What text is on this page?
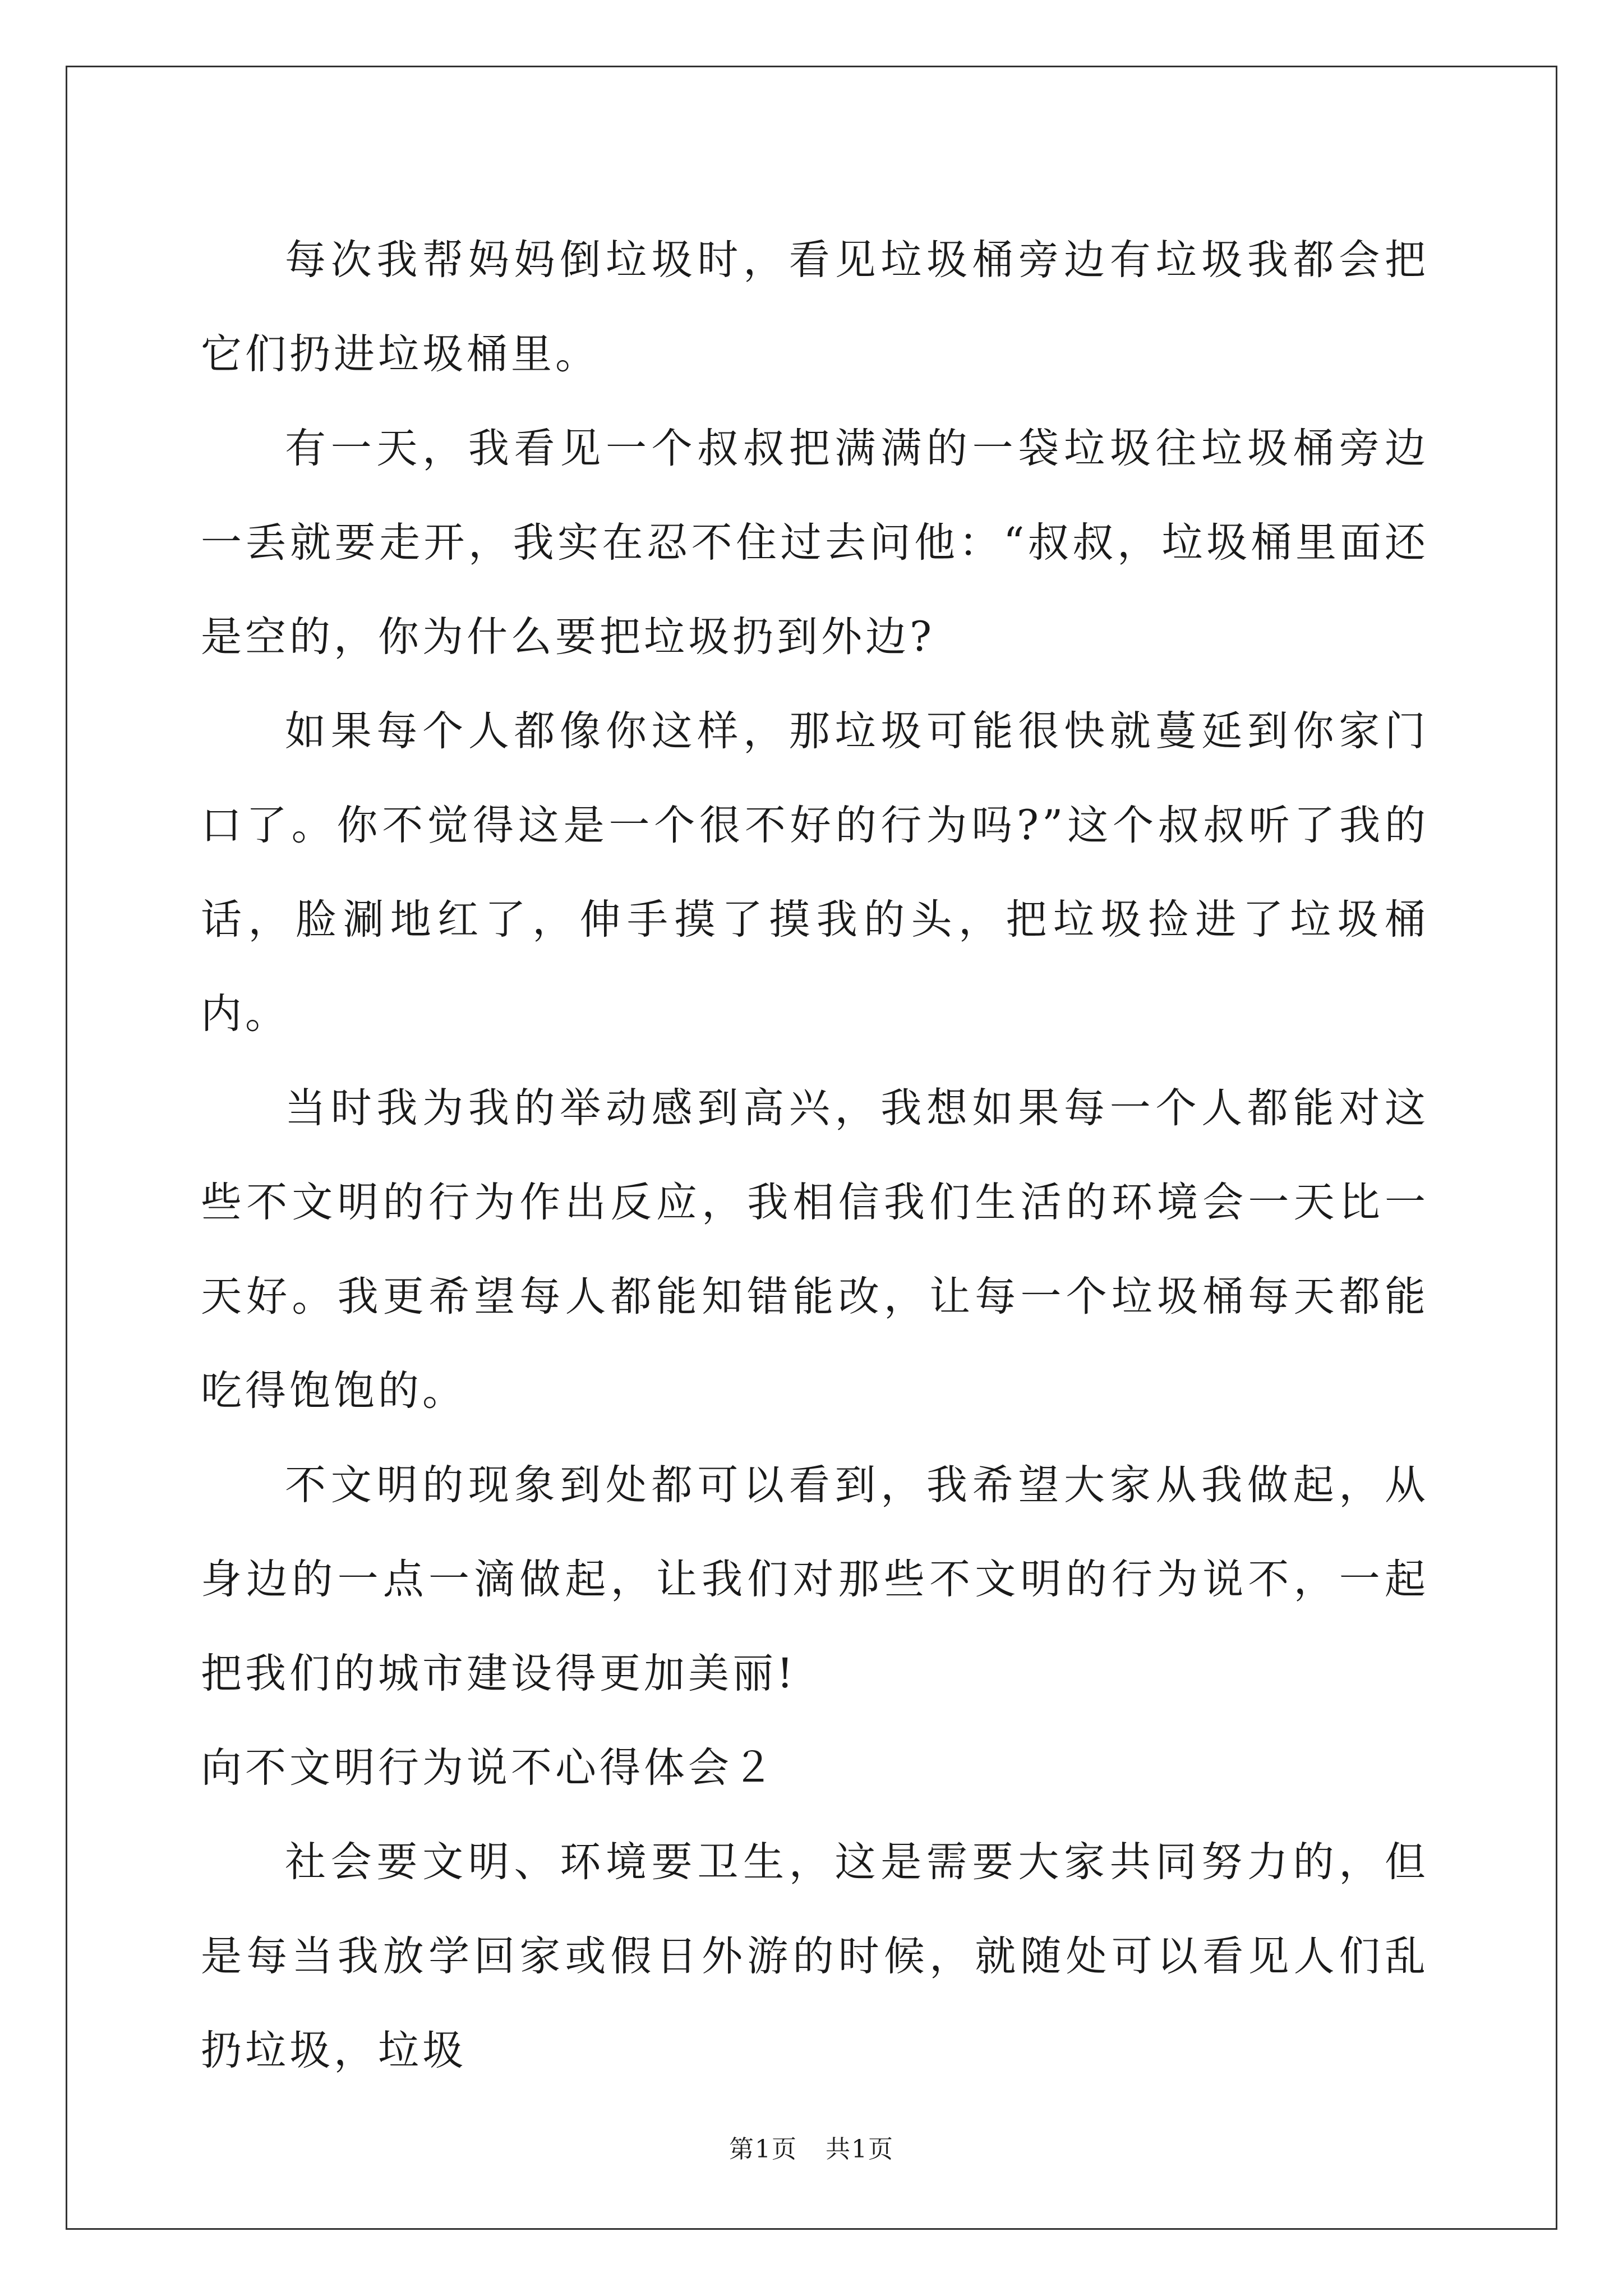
每次我帮妈妈倒垃圾时，看见垃圾桶旁边有垃圾我都会把它们扔进垃圾桶里。

有一天，我看见一个叔叔把满满的一袋垃圾往垃圾桶旁边一丢就要走开，我实在忍不住过去问他：“叔叔，垃圾桶里面还是空的，你为什么要把垃圾扔到外边?

如果每个人都像你这样，那垃圾可能很快就蔓延到你家门口了。你不觉得这是一个很不好的行为吗?”这个叔叔听了我的话，脸涮地红了，伸手摸了摸我的头，把垃圾捡进了垃圾桶内。

当时我为我的举动感到高兴，我想如果每一个人都能对这些不文明的行为作出反应，我相信我们生活的环境会一天比一天好。我更希望每人都能知错能改，让每一个垃圾桶每天都能吃得饱饱的。

不文明的现象到处都可以看到，我希望大家从我做起，从身边的一点一滴做起，让我们对那些不文明的行为说不，一起把我们的城市建设得更加美丽!

向不文明行为说不心得体会２

社会要文明、环境要卫生，这是需要大家共同努力的，但是每当我放学回家或假日外游的时候，就随处可以看见人们乱扔垃圾，垃圾

第1页 共1页
